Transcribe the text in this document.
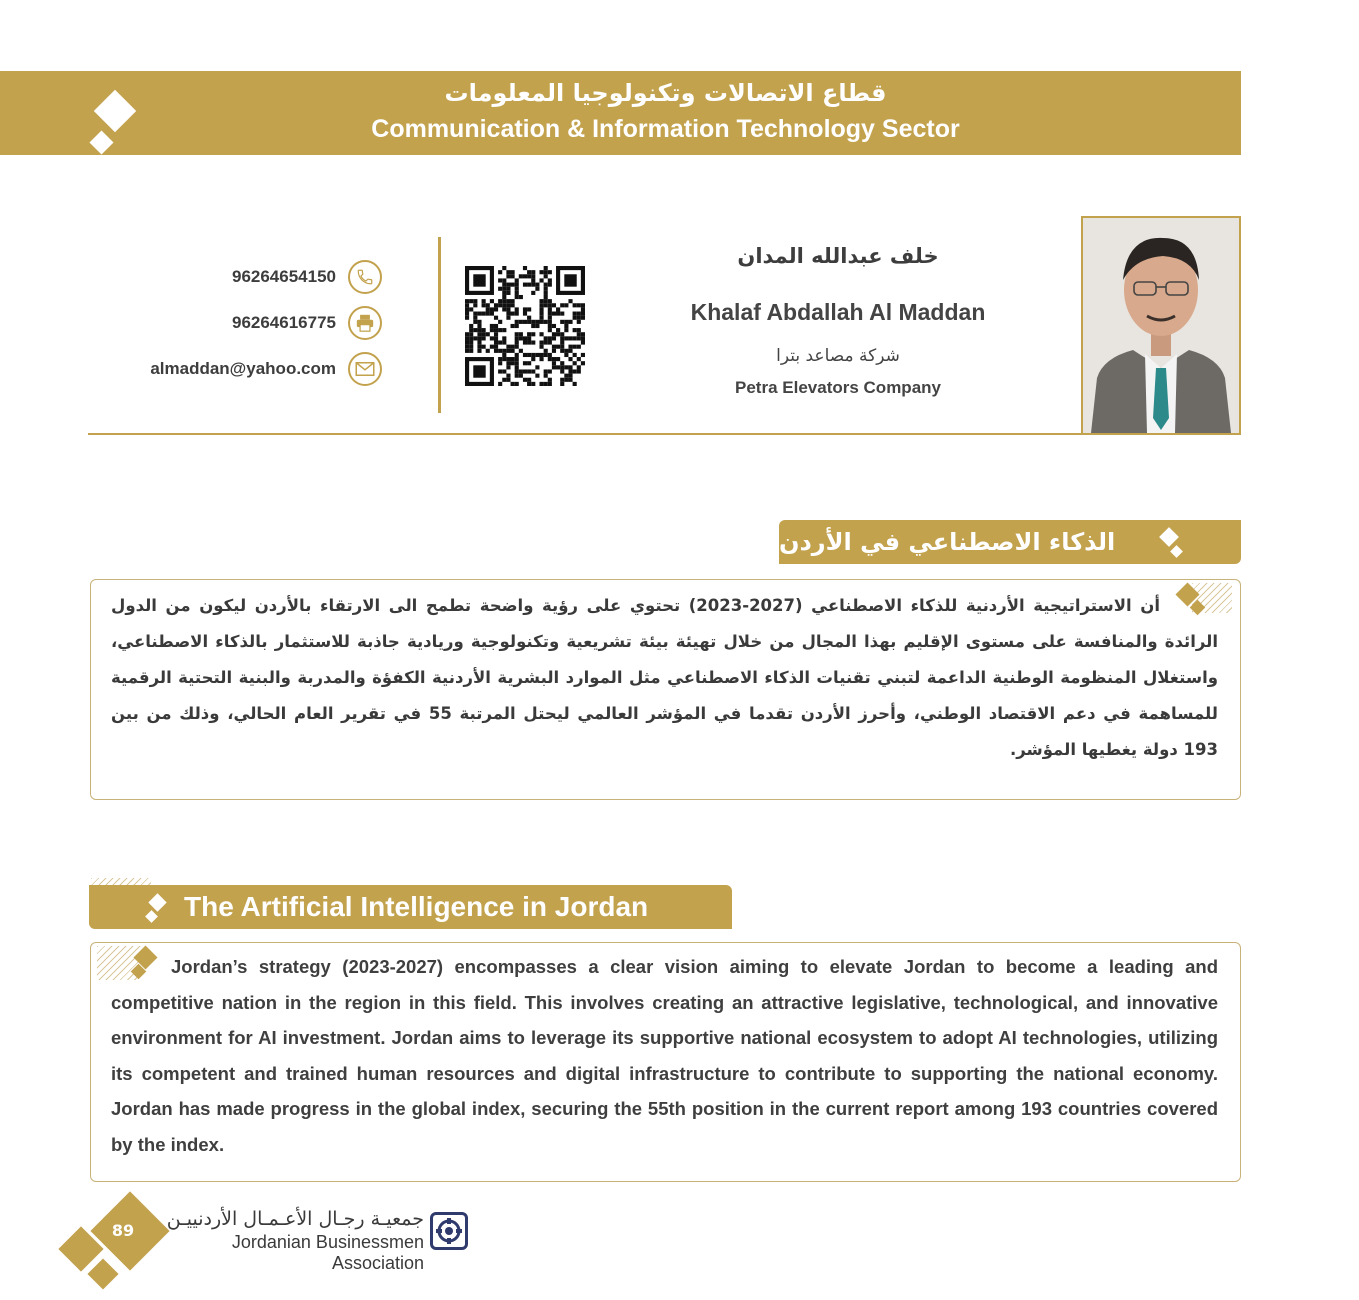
قطاع الاتصالات وتكنولوجيا المعلومات
Communication & Information Technology Sector
96264654150
96264616775
almaddan@yahoo.com
خلف عبدالله المدان
Khalaf Abdallah Al Maddan
شركة مصاعد بترا
Petra Elevators Company
الذكاء الاصطناعي في الأردن

أن الاستراتيجية الأردنية للذكاء الاصطناعي (2027-2023) تحتوي على رؤية واضحة تطمح الى الارتقاء بالأردن ليكون من الدول الرائدة والمنافسة على مستوى الإقليم بهذا المجال من خلال تهيئة بيئة تشريعية وتكنولوجية وريادية جاذبة للاستثمار بالذكاء الاصطناعي، واستغلال المنظومة الوطنية الداعمة لتبني تقنيات الذكاء الاصطناعي مثل الموارد البشرية الأردنية الكفؤة والمدربة والبنية التحتية الرقمية للمساهمة في دعم الاقتصاد الوطني، وأحرز الأردن تقدما في المؤشر العالمي ليحتل المرتبة 55 في تقرير العام الحالي، وذلك من بين 193 دولة يغطيها المؤشر.

The Artificial Intelligence in Jordan

Jordan’s strategy (2023-2027) encompasses a clear vision aiming to elevate Jordan to become a leading and competitive nation in the region in this field. This involves creating an attractive legislative, technological, and innovative environment for AI investment. Jordan aims to leverage its supportive national ecosystem to adopt AI technologies, utilizing its competent and trained human resources and digital infrastructure to contribute to supporting the national economy. Jordan has made progress in the global index, securing the 55th position in the current report among 193 countries covered by the index.

89	جمعيـة رجـال الأعـمـال الأردنييـن
Jordanian Businessmen Association
